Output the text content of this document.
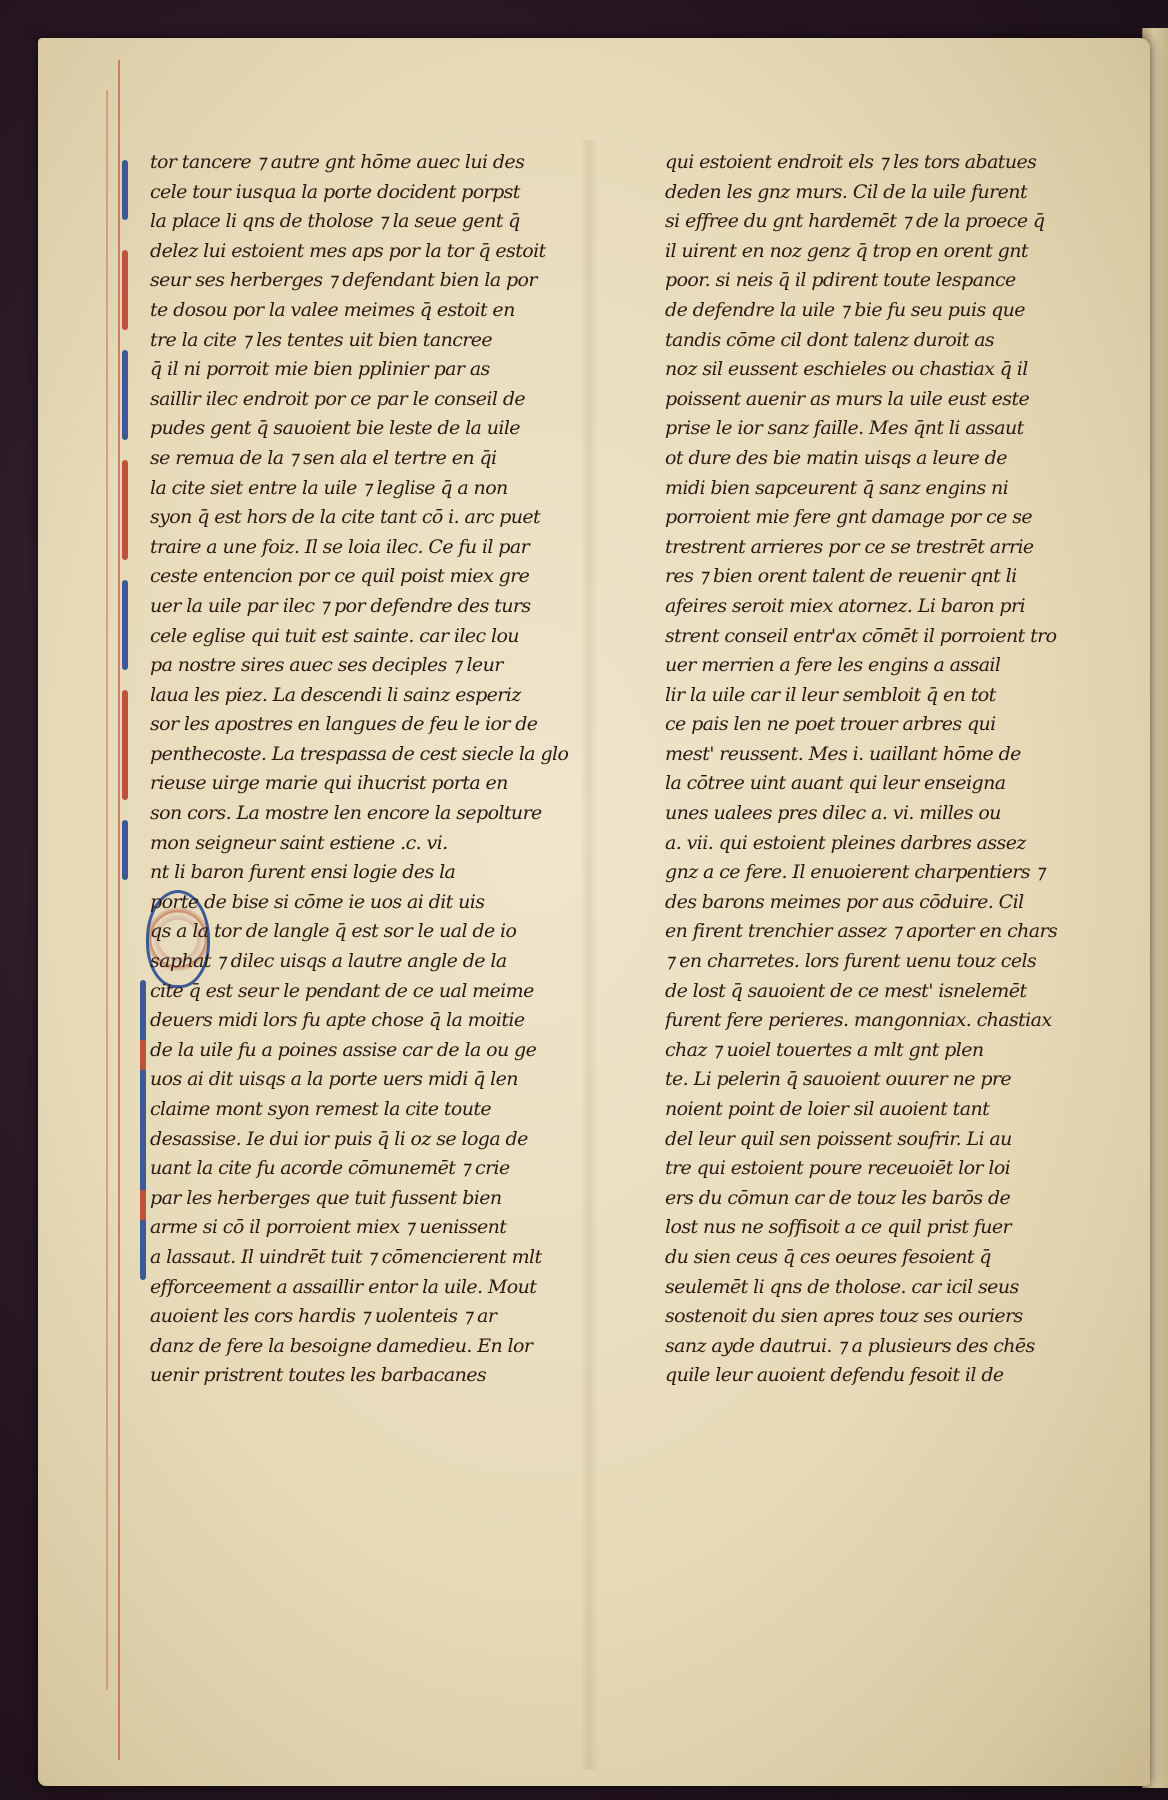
tor tancere ⁊ autre gnt hōme auec lui des
cele tour iusqua la porte docident porpst
la place li qns de tholose ⁊ la seue gent q̄
delez lui estoient mes aps por la tor q̄ estoit
seur ses herberges ⁊ defendant bien la por
te dosou por la valee meimes q̄ estoit en
tre la cite ⁊ les tentes uit bien tancree
q̄ il ni porroit mie bien pplinier par as
saillir ilec endroit por ce par le conseil de
pudes gent q̄ sauoient bie leste de la uile
se remua de la ⁊ sen ala el tertre en q̄i
la cite siet entre la uile ⁊ leglise q̄ a non
syon q̄ est hors de la cite tant cō i. arc puet
traire a une foiz. Il se loia ilec. Ce fu il par
ceste entencion por ce quil poist miex gre
uer la uile par ilec ⁊ por defendre des turs
cele eglise qui tuit est sainte. car ilec lou
pa nostre sires auec ses deciples ⁊ leur
laua les piez. La descendi li sainz esperiz
sor les apostres en langues de feu le ior de
penthecoste. La trespassa de cest siecle la glo
rieuse uirge marie qui ihucrist porta en
son cors. La mostre len encore la sepolture
mon seigneur saint estiene .c. vi.
nt li baron furent ensi logie des la
porte de bise si cōme ie uos ai dit uis
qs a la tor de langle q̄ est sor le ual de io
saphat ⁊ dilec uisqs a lautre angle de la
cite q̄ est seur le pendant de ce ual meime
deuers midi lors fu apte chose q̄ la moitie
de la uile fu a poines assise car de la ou ge
uos ai dit uisqs a la porte uers midi q̄ len
claime mont syon remest la cite toute
desassise. Ie dui ior puis q̄ li oz se loga de
uant la cite fu acorde cōmunemēt ⁊ crie
par les herberges que tuit fussent bien
arme si cō il porroient miex ⁊ uenissent
a lassaut. Il uindrēt tuit ⁊ cōmencierent mlt
efforceement a assaillir entor la uile. Mout
auoient les cors hardis ⁊ uolenteis ⁊ ar
danz de fere la besoigne damedieu. En lor
uenir pristrent toutes les barbacanes
qui estoient endroit els ⁊ les tors abatues
deden les gnz murs. Cil de la uile furent
si effree du gnt hardemēt ⁊ de la proece q̄
il uirent en noz genz q̄ trop en orent gnt
poor. si neis q̄ il pdirent toute lespance
de defendre la uile ⁊ bie fu seu puis que
tandis cōme cil dont talenz duroit as
noz sil eussent eschieles ou chastiax q̄ il
poissent auenir as murs la uile eust este
prise le ior sanz faille. Mes q̄nt li assaut
ot dure des bie matin uisqs a leure de
midi bien sapceurent q̄ sanz engins ni
porroient mie fere gnt damage por ce se
trestrent arrieres por ce se trestrēt arrie
res ⁊ bien orent talent de reuenir qnt li
afeires seroit miex atornez. Li baron pri
strent conseil entr'ax cōmēt il porroient tro
uer merrien a fere les engins a assail
lir la uile car il leur sembloit q̄ en tot
ce pais len ne poet trouer arbres qui
mest' reussent. Mes i. uaillant hōme de
la cōtree uint auant qui leur enseigna
unes ualees pres dilec a. vi. milles ou
a. vii. qui estoient pleines darbres assez
gnz a ce fere. Il enuoierent charpentiers ⁊
des barons meimes por aus cōduire. Cil
en firent trenchier assez ⁊ aporter en chars
⁊ en charretes. lors furent uenu touz cels
de lost q̄ sauoient de ce mest' isnelemēt
furent fere perieres. mangonniax. chastiax
chaz ⁊ uoiel touertes a mlt gnt plen
te. Li pelerin q̄ sauoient ouurer ne pre
noient point de loier sil auoient tant
del leur quil sen poissent soufrir. Li au
tre qui estoient poure receuoiēt lor loi
ers du cōmun car de touz les barōs de
lost nus ne soffisoit a ce quil prist fuer
du sien ceus q̄ ces oeures fesoient q̄
seulemēt li qns de tholose. car icil seus
sostenoit du sien apres touz ses ouriers
sanz ayde dautrui. ⁊ a plusieurs des chēs
quile leur auoient defendu fesoit il de
